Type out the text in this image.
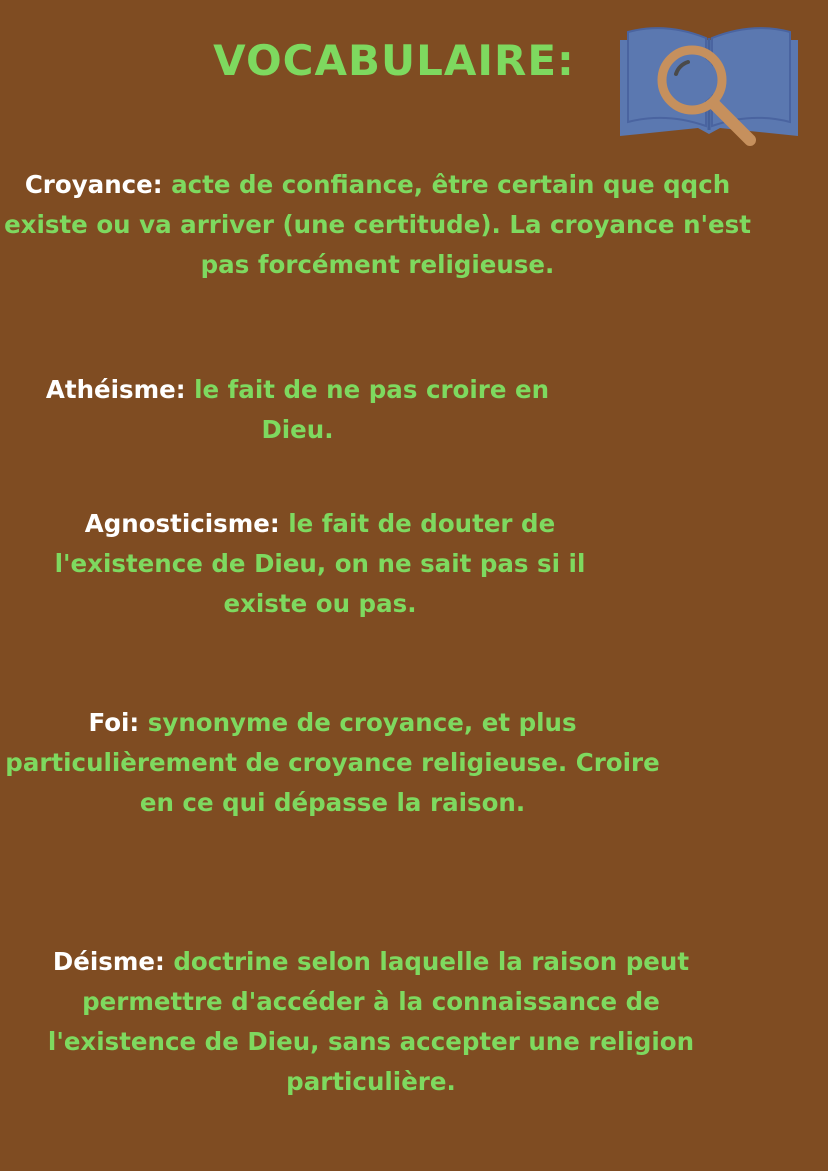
VOCABULAIRE:

Croyance: acte de confiance, être certain que qqch existe ou va arriver (une certitude). La croyance n'est pas forcément religieuse.

Athéisme: le fait de ne pas croire en Dieu.

Agnosticisme: le fait de douter de l'existence de Dieu, on ne sait pas si il existe ou pas.

Foi: synonyme de croyance, et plus particulièrement de croyance religieuse. Croire en ce qui dépasse la raison.

Déisme: doctrine selon laquelle la raison peut permettre d'accéder à la connaissance de l'existence de Dieu, sans accepter une religion particulière.
